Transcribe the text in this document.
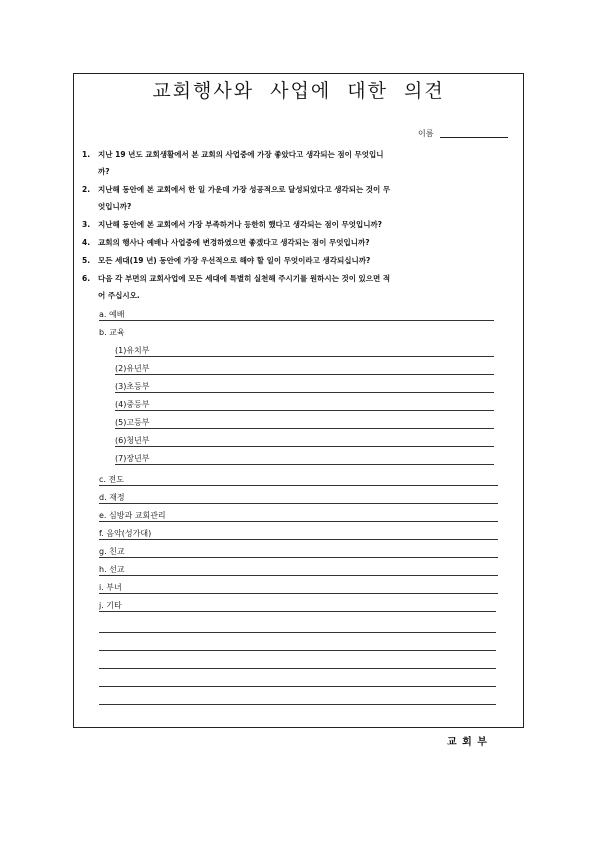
교회행사와 사업에 대한 의견
이름
1. 지난 19 년도 교회생활에서 본 교회의 사업중에 가장 좋았다고 생각되는 점이 무엇입니
까?
2. 지난해 동안에 본 교회에서 한 일 가운데 가장 성공적으로 달성되었다고 생각되는 것이 무
엇입니까?
3. 지난해 동안에 본 교회에서 가장 부족하거나 등한히 했다고 생각되는 점이 무엇입니까?
4. 교회의 행사나 예배나 사업중에 변경하였으면 좋겠다고 생각되는 점이 무엇입니까?
5. 모든 세대(19 년) 동안에 가장 우선적으로 해야 할 일이 무엇이라고 생각되십니까?
6. 다음 각 부면의 교회사업에 모든 세대에 특별히 실천해 주시기를 원하시는 것이 있으면 적
어 주십시오.
a. 예배
b. 교육
(1)유치부
(2)유년부
(3)초등부
(4)중등부
(5)고등부
(6)청년부
(7)장년부
c. 전도
d. 재정
e. 심방과 교회관리
f. 음악(성가대)
g. 친교
h. 선교
i. 부녀
j. 기타
교 회 부
